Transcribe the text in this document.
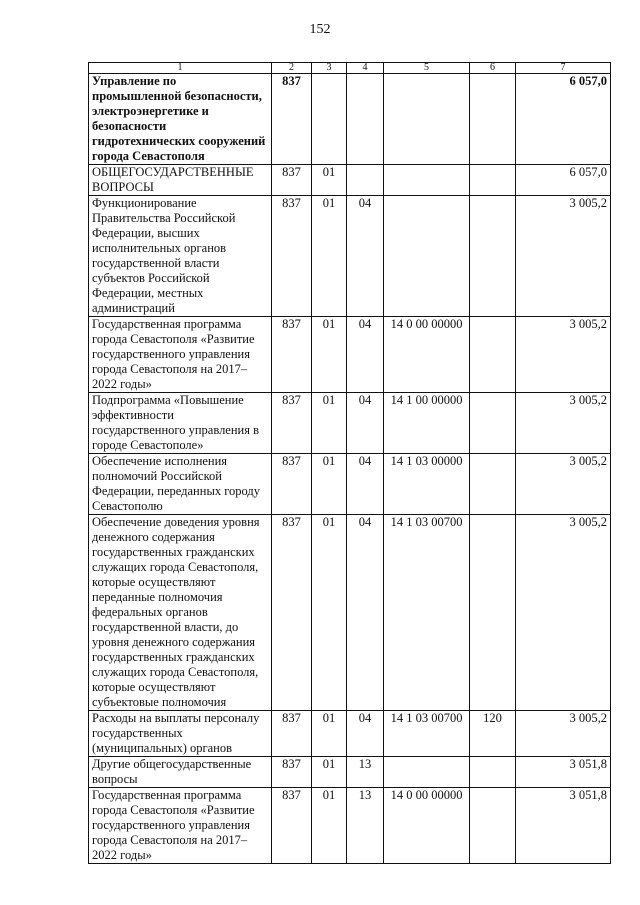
152
1	2	3	4	5	6	7
Управление по промышленной безопасности, электроэнергетике и безопасности гидротехнических сооружений города Севастополя	837					6 057,0
ОБЩЕГОСУДАРСТВЕННЫЕ ВОПРОСЫ	837	01				6 057,0
Функционирование Правительства Российской Федерации, высших исполнительных органов государственной власти субъектов Российской Федерации, местных администраций	837	01	04			3 005,2
Государственная программа города Севастополя «Развитие государственного управления города Севастополя на 2017–2022 годы»	837	01	04	14 0 00 00000		3 005,2
Подпрограмма «Повышение эффективности государственного управления в городе Севастополе»	837	01	04	14 1 00 00000		3 005,2
Обеспечение исполнения полномочий Российской Федерации, переданных городу Севастополю	837	01	04	14 1 03 00000		3 005,2
Обеспечение доведения уровня денежного содержания государственных гражданских служащих города Севастополя, которые осуществляют переданные полномочия федеральных органов государственной власти, до уровня денежного содержания государственных гражданских служащих города Севастополя, которые осуществляют субъектовые полномочия	837	01	04	14 1 03 00700		3 005,2
Расходы на выплаты персоналу государственных (муниципальных) органов	837	01	04	14 1 03 00700	120	3 005,2
Другие общегосударственные вопросы	837	01	13			3 051,8
Государственная программа города Севастополя «Развитие государственного управления города Севастополя на 2017–2022 годы»	837	01	13	14 0 00 00000		3 051,8
